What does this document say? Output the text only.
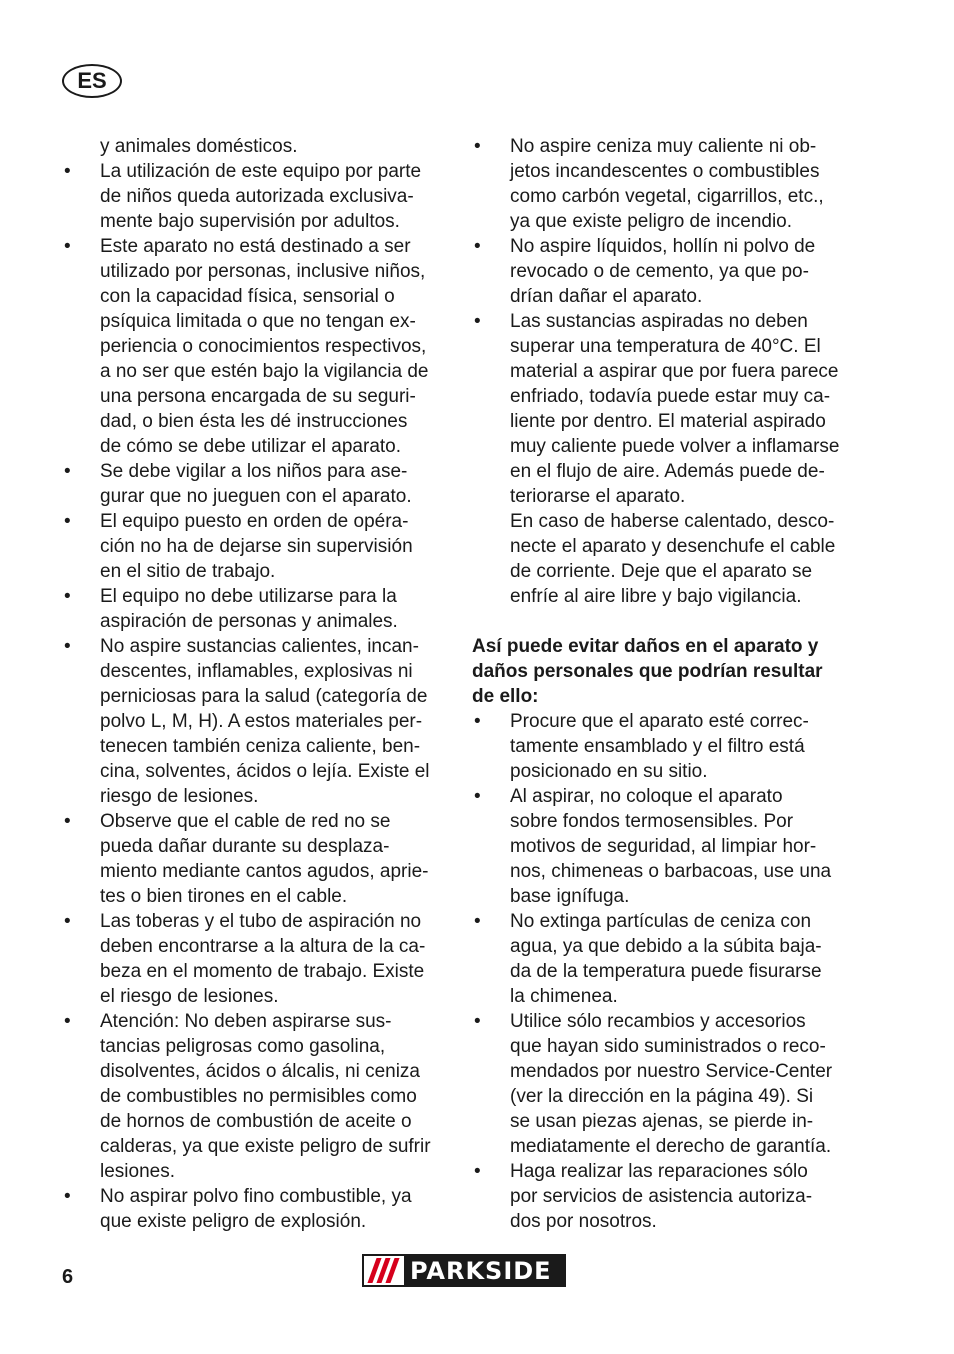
ES
y animales domésticos.
• La utilización de este equipo por parte
de niños queda autorizada exclusiva-
mente bajo supervisión por adultos.
• Este aparato no está destinado a ser
utilizado por personas, inclusive niños,
con la capacidad física, sensorial o
psíquica limitada o que no tengan ex-
periencia o conocimientos respectivos,
a no ser que estén bajo la vigilancia de
una persona encargada de su seguri-
dad, o bien ésta les dé instrucciones
de cómo se debe utilizar el aparato.
• Se debe vigilar a los niños para ase-
gurar que no jueguen con el aparato.
• El equipo puesto en orden de opéra-
ción no ha de dejarse sin supervisión
en el sitio de trabajo.
• El equipo no debe utilizarse para la
aspiración de personas y animales.
• No aspire sustancias calientes, incan-
descentes, inflamables, explosivas ni
perniciosas para la salud (categoría de
polvo L, M, H). A estos materiales per-
tenecen también ceniza caliente, ben-
cina, solventes, ácidos o lejía. Existe el
riesgo de lesiones.
• Observe que el cable de red no se
pueda dañar durante su desplaza-
miento mediante cantos agudos, aprie-
tes o bien tirones en el cable.
• Las toberas y el tubo de aspiración no
deben encontrarse a la altura de la ca-
beza en el momento de trabajo. Existe
el riesgo de lesiones.
• Atención: No deben aspirarse sus-
tancias peligrosas como gasolina,
disolventes, ácidos o álcalis, ni ceniza
de combustibles no permisibles como
de hornos de combustión de aceite o
calderas, ya que existe peligro de sufrir
lesiones.
• No aspirar polvo fino combustible, ya
que existe peligro de explosión.
• No aspire ceniza muy caliente ni ob-
jetos incandescentes o combustibles
como carbón vegetal, cigarrillos, etc.,
ya que existe peligro de incendio.
• No aspire líquidos, hollín ni polvo de
revocado o de cemento, ya que po-
drían dañar el aparato.
• Las sustancias aspiradas no deben
superar una temperatura de 40°C. El
material a aspirar que por fuera parece
enfriado, todavía puede estar muy ca-
liente por dentro. El material aspirado
muy caliente puede volver a inflamarse
en el flujo de aire. Además puede de-
teriorarse el aparato.
En caso de haberse calentado, desco-
necte el aparato y desenchufe el cable
de corriente. Deje que el aparato se
enfríe al aire libre y bajo vigilancia.
Así puede evitar daños en el aparato y
daños personales que podrían resultar
de ello:
• Procure que el aparato esté correc-
tamente ensamblado y el filtro está
posicionado en su sitio.
• Al aspirar, no coloque el aparato
sobre fondos termosensibles. Por
motivos de seguridad, al limpiar hor-
nos, chimeneas o barbacoas, use una
base ignífuga.
• No extinga partículas de ceniza con
agua, ya que debido a la súbita baja-
da de la temperatura puede fisurarse
la chimenea.
• Utilice sólo recambios y accesorios
que hayan sido suministrados o reco-
mendados por nuestro Service-Center
(ver la dirección en la página 49). Si
se usan piezas ajenas, se pierde in-
mediatamente el derecho de garantía.
• Haga realizar las reparaciones sólo
por servicios de asistencia autoriza-
dos por nosotros.
6	PARKSIDE
